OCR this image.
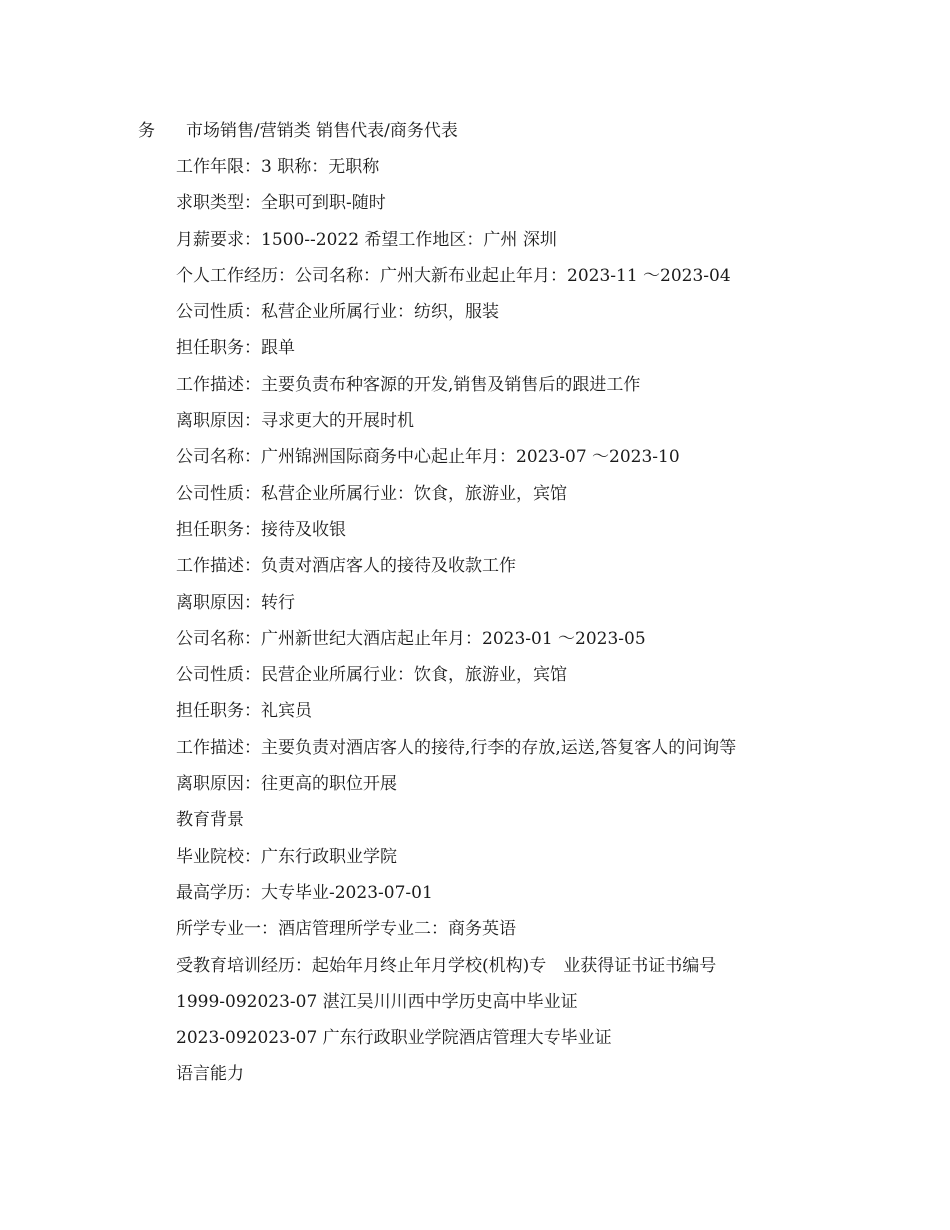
务 市场销售/营销类 销售代表/商务代表
工作年限：3 职称：无职称
求职类型：全职可到职-随时
月薪要求：1500--2022 希望工作地区：广州 深圳
个人工作经历：公司名称：广州大新布业起止年月：2023-11 ～2023-04
公司性质：私营企业所属行业：纺织，服装
担任职务：跟单
工作描述：主要负责布种客源的开发,销售及销售后的跟进工作
离职原因：寻求更大的开展时机
公司名称：广州锦洲国际商务中心起止年月：2023-07 ～2023-10
公司性质：私营企业所属行业：饮食，旅游业，宾馆
担任职务：接待及收银
工作描述：负责对酒店客人的接待及收款工作
离职原因：转行
公司名称：广州新世纪大酒店起止年月：2023-01 ～2023-05
公司性质：民营企业所属行业：饮食，旅游业，宾馆
担任职务：礼宾员
工作描述：主要负责对酒店客人的接待,行李的存放,运送,答复客人的问询等
离职原因：往更高的职位开展
教育背景
毕业院校：广东行政职业学院
最高学历：大专毕业-2023-07-01
所学专业一：酒店管理所学专业二：商务英语
受教育培训经历：起始年月终止年月学校(机构)专　业获得证书证书编号
1999-092023-07 湛江吴川川西中学历史高中毕业证
2023-092023-07 广东行政职业学院酒店管理大专毕业证
语言能力
